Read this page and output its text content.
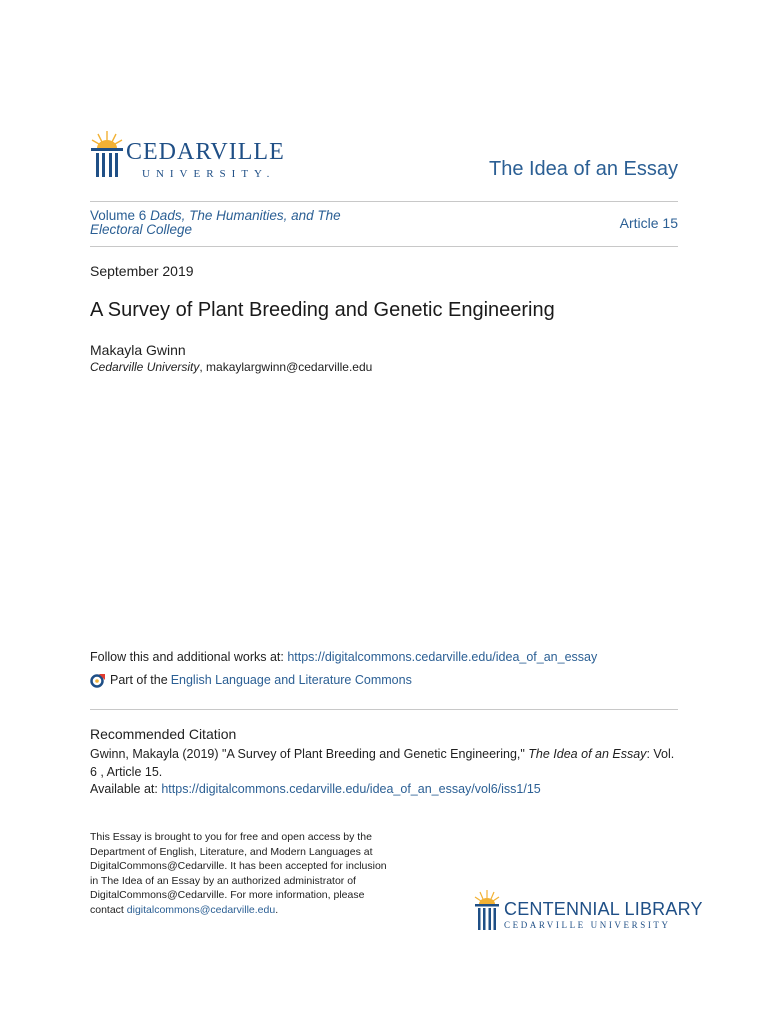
CEDARVILLE
UNIVERSITY.	The Idea of an Essay
Volume 6 Dads, The Humanities, and The Electoral College	Article 15
September 2019
A Survey of Plant Breeding and Genetic Engineering
Makayla Gwinn
Cedarville University, makaylargwinn@cedarville.edu
Follow this and additional works at: https://digitalcommons.cedarville.edu/idea_of_an_essay
Part of the English Language and Literature Commons
Recommended Citation
Gwinn, Makayla (2019) "A Survey of Plant Breeding and Genetic Engineering," The Idea of an Essay: Vol. 6 , Article 15.
Available at: https://digitalcommons.cedarville.edu/idea_of_an_essay/vol6/iss1/15
This Essay is brought to you for free and open access by the Department of English, Literature, and Modern Languages at DigitalCommons@Cedarville. It has been accepted for inclusion in The Idea of an Essay by an authorized administrator of DigitalCommons@Cedarville. For more information, please contact digitalcommons@cedarville.edu.	CENTENNIAL LIBRARY
CEDARVILLE UNIVERSITY
